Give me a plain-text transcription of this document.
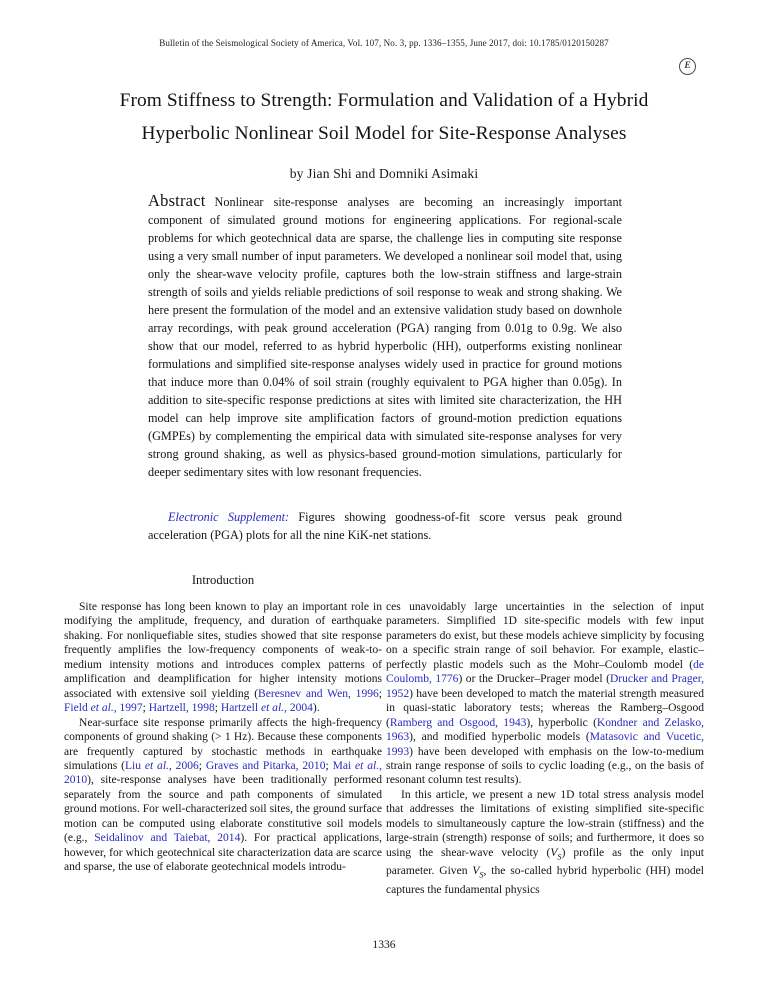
Bulletin of the Seismological Society of America, Vol. 107, No. 3, pp. 1336–1355, June 2017, doi: 10.1785/0120150287
E
From Stiffness to Strength: Formulation and Validation of a Hybrid
Hyperbolic Nonlinear Soil Model for Site-Response Analyses
by Jian Shi and Domniki Asimaki
Abstract Nonlinear site-response analyses are becoming an increasingly important component of simulated ground motions for engineering applications. For regional-scale problems for which geotechnical data are sparse, the challenge lies in computing site response using a very small number of input parameters. We developed a nonlinear soil model that, using only the shear-wave velocity profile, captures both the low-strain stiffness and large-strain strength of soils and yields reliable predictions of soil response to weak and strong shaking. We here present the formulation of the model and an extensive validation study based on downhole array recordings, with peak ground acceleration (PGA) ranging from 0.01g to 0.9g. We also show that our model, referred to as hybrid hyperbolic (HH), outperforms existing nonlinear formulations and simplified site-response analyses widely used in practice for ground motions that induce more than 0.04% of soil strain (roughly equivalent to PGA higher than 0.05g). In addition to site-specific response predictions at sites with limited site characterization, the HH model can help improve site amplification factors of ground-motion prediction equations (GMPEs) by complementing the empirical data with simulated site-response analyses for very strong ground shaking, as well as physics-based ground-motion simulations, particularly for deeper sedimentary sites with low resonant frequencies.
Electronic Supplement: Figures showing goodness-of-fit score versus peak ground acceleration (PGA) plots for all the nine KiK-net stations.
Introduction

Site response has long been known to play an important role in modifying the amplitude, frequency, and duration of earthquake shaking. For nonliquefiable sites, studies showed that site response frequently amplifies the low-frequency components of weak-to-medium intensity motions and introduces complex patterns of amplification and deamplification for higher intensity motions associated with extensive soil yielding (Beresnev and Wen, 1996; Field et al., 1997; Hartzell, 1998; Hartzell et al., 2004).

Near-surface site response primarily affects the high-frequency components of ground shaking (> 1 Hz). Because these components are frequently captured by stochastic methods in earthquake simulations (Liu et al., 2006; Graves and Pitarka, 2010; Mai et al., 2010), site-response analyses have been traditionally performed separately from the source and path components of simulated ground motions. For well-characterized soil sites, the ground surface motion can be computed using elaborate constitutive soil models (e.g., Seidalinov and Taiebat, 2014). For practical applications, however, for which geotechnical site characterization data are scarce and sparse, the use of elaborate geotechnical models introdu-

ces unavoidably large uncertainties in the selection of input parameters. Simplified 1D site-specific models with few input parameters do exist, but these models achieve simplicity by focusing on a specific strain range of soil behavior. For example, elastic–perfectly plastic models such as the Mohr–Coulomb model (de Coulomb, 1776) or the Drucker–Prager model (Drucker and Prager, 1952) have been developed to match the material strength measured in quasi-static laboratory tests; whereas the Ramberg–Osgood (Ramberg and Osgood, 1943), hyperbolic (Kondner and Zelasko, 1963), and modified hyperbolic models (Matasovic and Vucetic, 1993) have been developed with emphasis on the low-to-medium strain range response of soils to cyclic loading (e.g., on the basis of resonant column test results).

In this article, we present a new 1D total stress analysis model that addresses the limitations of existing simplified site-specific models to simultaneously capture the low-strain (stiffness) and the large-strain (strength) response of soils; and furthermore, it does so using the shear-wave velocity $(V_S)$ profile as the only input parameter. Given $V_S$, the so-called hybrid hyperbolic (HH) model captures the fundamental physics

1336
